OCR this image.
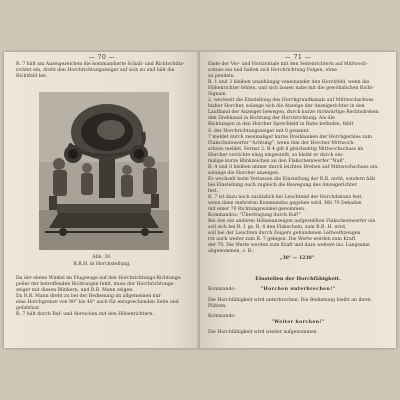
— 70 —

R. 7 hält am Anzeigezeichen die kommandierte Schall- und Richtschütz-

richtet ein, dreht den Horchrichtungszeiger auf sich zu und hält die

Richtfeld bei.

Abb. 30.
R.R.H. in Horchstellung.

Da der ebene Winkel im Flugzeuge auf den Horchrichtungs-Richtungs-

peiler der betreffenden Richtungen fehlt, muss der Horchrichtungs-

zeiger mit diesen Blinkern, und R.R. Mann zeigen.

Da R.R. Mann dreht zu bei der Bedienung im allgemeinen nur

eine Horchgrenze von 90° bis 40° auch für entsprechenden Seite und

gefahrbar.

R. 7 hält durch Ruf- und Abreichen mit den Höhenrichtern.

— 71 —

Ende der Ver- und Horizontale mit den Seitenrichtern auf Mittwoch-

schuss ein und halten sich Horchrichtung Folgen, ohne

zu pendeln.

R. 1 und 3 bleiben unabhängig voneinander den Horchfeld, wenn die

Höhenrichter fehlen, und sich lassen nahe mit die gewöhnlichen Richt-

Signale.

2. wechselt die Einstellung des Horchgrundkanals auf Mittwochschuss

bisher Horcher, solange sich die Anzeige der Anzeigerichter in den

Laufband der Anzeiger bewegen, durch kurze rückwärtige Rechtsdrehen

den Drehkanal in Richtung der Horchrichtung. Als die

Richtungen in den Horcher Sprechfeld in Ruhe befinden, fehlt

S. der Horchrichtungszeiger mit 0 genannt.

7 meldet durch zweimaliger kurze Dreihlanken der Horchgerätes zum

Flakscheinwerfer "Achtung", wenn ihm der Horcher Mittwoch-

schuss meldet. Ferner 2. R 4 gilt 8 gleichzeitig Mittwochschuss im

Horcher verrichte einig eingestellt, so bleibt er durch ein-

malige kurze Blinkzeichen an den Flakscheinwerfer "Null".

R. 4 und 8 bleiben immer durch leichtes Drehen auf Mittwochschuss ein,

solange die Horcher anzeigen.

Es wechselt beim Verlassen die Einstellung der R.R. nicht, sondern hält

bei Einstellung auch zugleich die Bewegung des Anzeigerichter

fest.

R. 7 ist dazu noch zusätzlich bei Leuchtend der Horchdistanz fest,

wenn dann mehreren Kommandos gegeben wird. Mit 70 Dekaden

mit einer 70 Richtungswinkel genommen.

Kommandos: "Übertragung durch Ruf!"

Bei den ein anderen Höhenanzeigen aufgestellten Flakscheinwerfer ein

soll sich bei R. 1 gs. R. 4 den Flakschein, zum R.R. H. wird,

soll bei der Leuchten durch Zeigers gebundenen Leitwerkzeugen

rot auch weiter zum R. 7 gelegen. Die Werte werden zum Kraft

der 70. Die Werte werden zum Kraft und dazu weitere ins. Langsame

abgenommen, z. B.:

„30° — 1230"

Einstellen der Horchfähigkeit.
Kommando:	"Horchen unterbrechen!"

Die Horchfähigkeit wird unterbrochen. Die Bedienung bleibt an ihren

Plätzen.

Kommando:
"Weiter horchen!"

Die Horchfähigkeit wird wieder aufgenommen.
